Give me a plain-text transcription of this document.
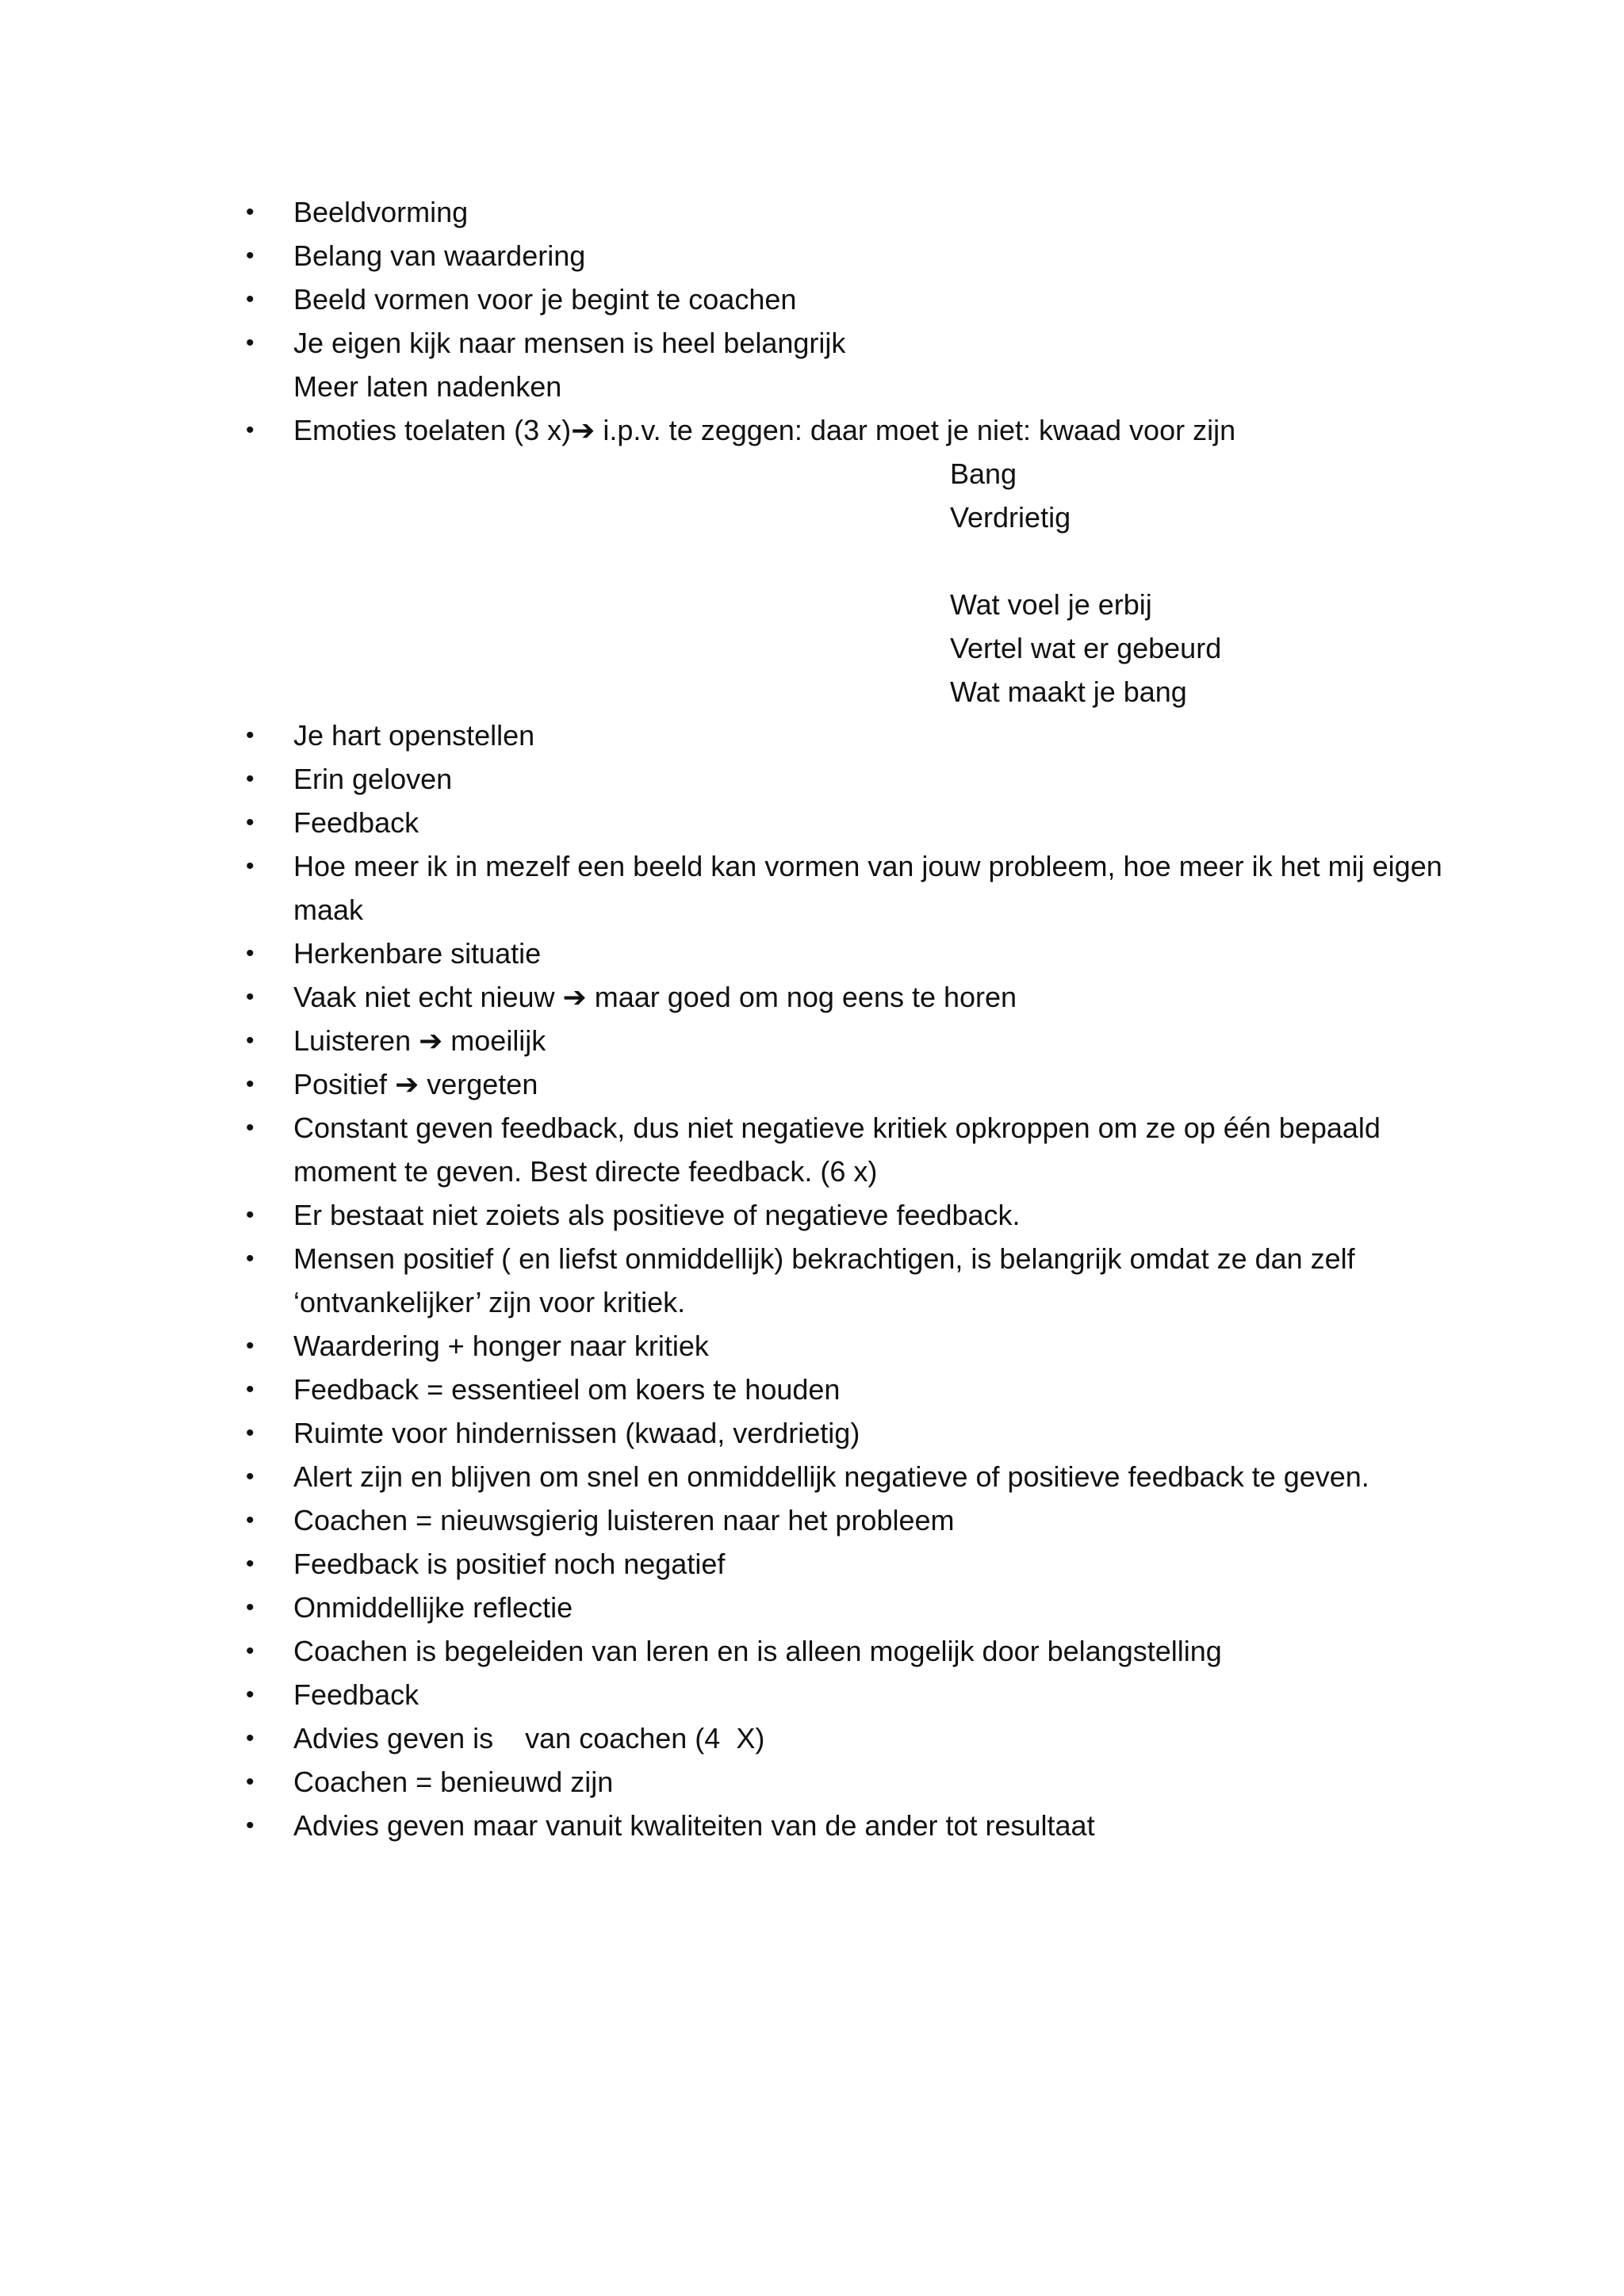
•	Beeldvorming
•	Belang van waardering
•	Beeld vormen voor je begint te coachen
•	Je eigen kijk naar mensen is heel belangrijk
Meer laten nadenken
•	Emoties toelaten (3 x)➔ i.p.v. te zeggen: daar moet je niet: kwaad voor zijn
Bang
Verdrietig
Wat voel je erbij
Vertel wat er gebeurd
Wat maakt je bang
•	Je hart openstellen
•	Erin geloven
•	Feedback
•	Hoe meer ik in mezelf een beeld kan vormen van jouw probleem, hoe meer ik het mij eigen
maak
•	Herkenbare situatie
•	Vaak niet echt nieuw ➔ maar goed om nog eens te horen
•	Luisteren ➔ moeilijk
•	Positief ➔ vergeten
•	Constant geven feedback, dus niet negatieve kritiek opkroppen om ze op één bepaald
moment te geven. Best directe feedback. (6 x)
•	Er bestaat niet zoiets als positieve of negatieve feedback.
•	Mensen positief ( en liefst onmiddellijk) bekrachtigen, is belangrijk omdat ze dan zelf
‘ontvankelijker’ zijn voor kritiek.
•	Waardering + honger naar kritiek
•	Feedback = essentieel om koers te houden
•	Ruimte voor hindernissen (kwaad, verdrietig)
•	Alert zijn en blijven om snel en onmiddellijk negatieve of positieve feedback te geven.
•	Coachen = nieuwsgierig luisteren naar het probleem
•	Feedback is positief noch negatief
•	Onmiddellijke reflectie
•	Coachen is begeleiden van leren en is alleen mogelijk door belangstelling
•	Feedback
•	Advies geven is    van coachen (4  X)
•	Coachen = benieuwd zijn
•	Advies geven maar vanuit kwaliteiten van de ander tot resultaat
